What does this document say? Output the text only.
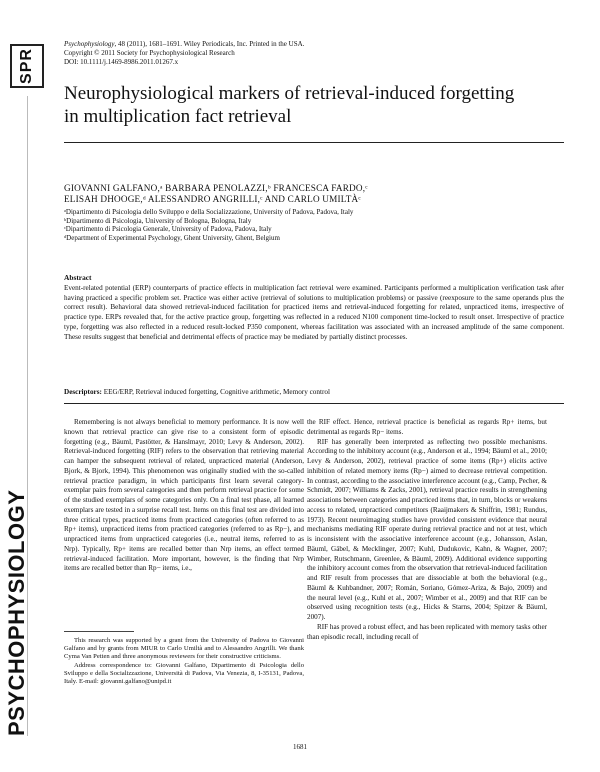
SPR
PSYCHOPHYSIOLOGY
Psychophysiology, 48 (2011), 1681–1691. Wiley Periodicals, Inc. Printed in the USA.
Copyright © 2011 Society for Psychophysiological Research
DOI: 10.1111/j.1469-8986.2011.01267.x
Neurophysiological markers of retrieval-induced forgetting in multiplication fact retrieval
GIOVANNI GALFANO,ᵃ BARBARA PENOLAZZI,ᵇ FRANCESCA FARDO,ᶜ
ELISAH DHOOGE,ᵈ ALESSANDRO ANGRILLI,ᶜ AND CARLO UMILTÀᶜ
ᵃDipartimento di Psicologia dello Sviluppo e della Socializzazione, University of Padova, Padova, Italy
ᵇDipartimento di Psicologia, University of Bologna, Bologna, Italy
ᶜDipartimento di Psicologia Generale, University of Padova, Padova, Italy
ᵈDepartment of Experimental Psychology, Ghent University, Ghent, Belgium
Abstract
Event-related potential (ERP) counterparts of practice effects in multiplication fact retrieval were examined. Participants performed a multiplication verification task after having practiced a specific problem set. Practice was either active (retrieval of solutions to multiplication problems) or passive (reexposure to the same operands plus the correct result). Behavioral data showed retrieval-induced facilitation for practiced items and retrieval-induced forgetting for related, unpracticed items, irrespective of practice type. ERPs revealed that, for the active practice group, forgetting was reflected in a reduced N100 component time-locked to result onset. Irrespective of practice type, forgetting was also reflected in a reduced result-locked P350 component, whereas facilitation was associated with an increased amplitude of the same component. These results suggest that beneficial and detrimental effects of practice may be mediated by partially distinct processes.
Descriptors: EEG/ERP, Retrieval induced forgetting, Cognitive arithmetic, Memory control

Remembering is not always beneficial to memory performance. It is now well known that retrieval practice can give rise to a consistent form of episodic forgetting (e.g., Bäuml, Pastötter, & Hanslmayr, 2010; Levy & Anderson, 2002). Retrieval-induced forgetting (RIF) refers to the observation that retrieving material can hamper the subsequent retrieval of related, unpracticed material (Anderson, Bjork, & Bjork, 1994). This phenomenon was originally studied with the so-called retrieval practice paradigm, in which participants first learn several category-exemplar pairs from several categories and then perform retrieval practice for some of the studied exemplars of some categories only. On a final test phase, all learned exemplars are tested in a surprise recall test. Items on this final test are divided into three critical types, practiced items from practiced categories (often referred to as Rp+ items), unpracticed items from practiced categories (referred to as Rp−), and unpracticed items from unpracticed categories (i.e., neutral items, referred to as Nrp). Typically, Rp+ items are recalled better than Nrp items, an effect termed retrieval-induced facilitation. More important, however, is the finding that Nrp items are recalled better than Rp− items, i.e.,

the RIF effect. Hence, retrieval practice is beneficial as regards Rp+ items, but detrimental as regards Rp− items.

RIF has generally been interpreted as reflecting two possible mechanisms. According to the inhibitory account (e.g., Anderson et al., 1994; Bäuml et al., 2010; Levy & Anderson, 2002), retrieval practice of some items (Rp+) elicits active inhibition of related memory items (Rp−) aimed to decrease retrieval competition. In contrast, according to the associative interference account (e.g., Camp, Pecher, & Schmidt, 2007; Williams & Zacks, 2001), retrieval practice results in strengthening associations between categories and practiced items that, in turn, blocks or weakens access to related, unpracticed competitors (Raaijmakers & Shiffrin, 1981; Rundus, 1973). Recent neuroimaging studies have provided consistent evidence that neural mechanisms mediating RIF operate during retrieval practice and not at test, which is inconsistent with the associative interference account (e.g., Johansson, Aslan, Bäuml, Gäbel, & Mecklinger, 2007; Kuhl, Dudukovic, Kahn, & Wagner, 2007; Wimber, Rutschmann, Greenlee, & Bäuml, 2009). Additional evidence supporting the inhibitory account comes from the observation that retrieval-induced facilitation and RIF result from processes that are dissociable at both the behavioral (e.g., Bäuml & Kuhbandner, 2007; Román, Soriano, Gómez-Ariza, & Bajo, 2009) and the neural level (e.g., Kuhl et al., 2007; Wimber et al., 2009) and that RIF can be observed using recognition tests (e.g., Hicks & Starns, 2004; Spitzer & Bäuml, 2007).

RIF has proved a robust effect, and has been replicated with memory tasks other than episodic recall, including recall of

This research was supported by a grant from the University of Padova to Giovanni Galfano and by grants from MIUR to Carlo Umiltà and to Alessandro Angrilli. We thank Cyma Van Petten and three anonymous reviewers for their constructive criticisms.

Address correspondence to: Giovanni Galfano, Dipartimento di Psicologia dello Sviluppo e della Socializzazione, Università di Padova, Via Venezia, 8, I-35131, Padova, Italy. E-mail: giovanni.galfano@unipd.it

1681
